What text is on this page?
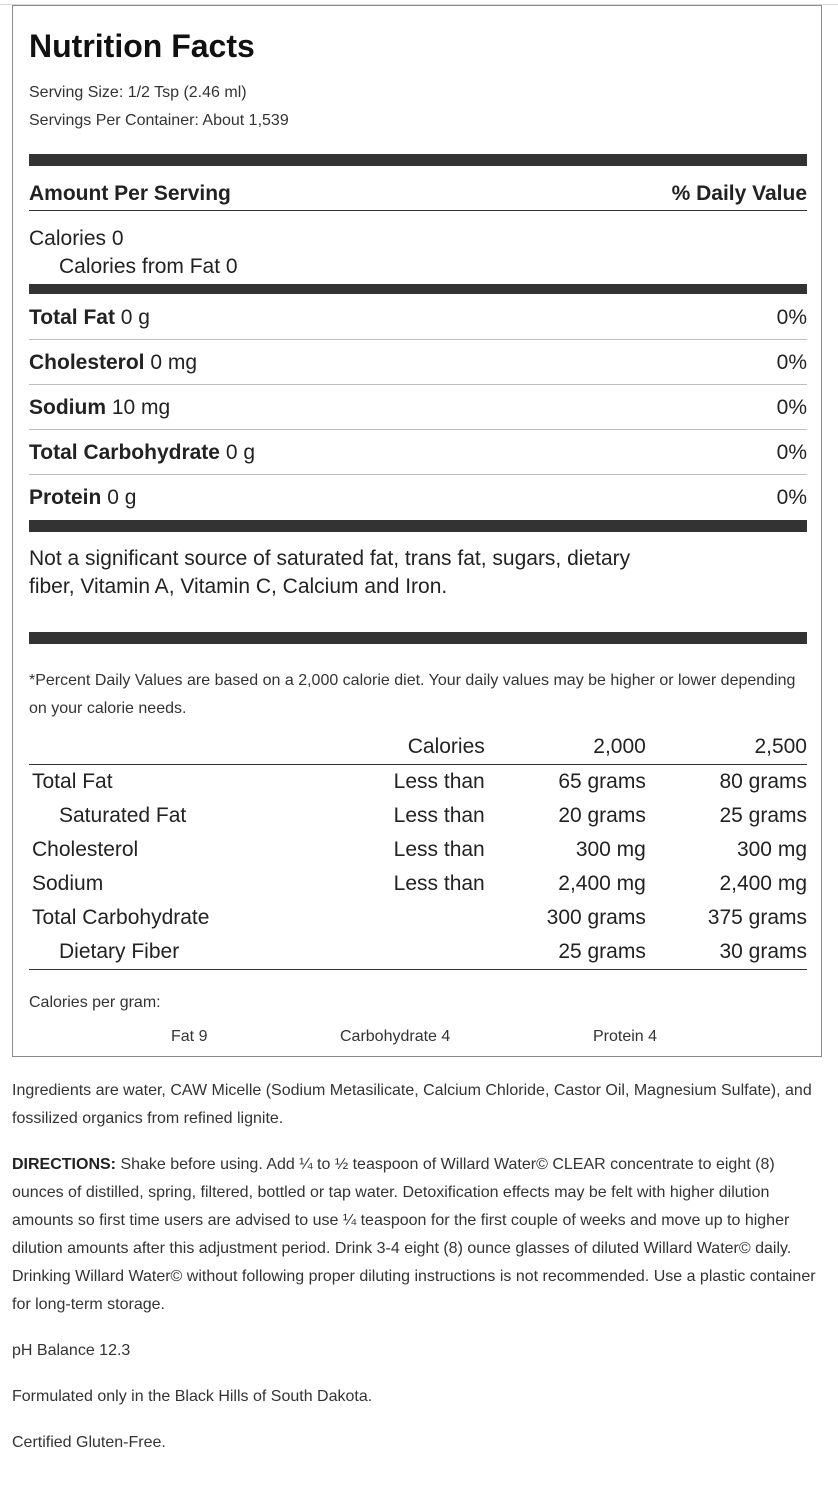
Nutrition Facts
Serving Size: 1/2 Tsp (2.46 ml)
Servings Per Container: About 1,539
Amount Per Serving	% Daily Value
Calories 0
Calories from Fat 0
Total Fat 0 g	0%
Cholesterol 0 mg	0%
Sodium 10 mg	0%
Total Carbohydrate 0 g	0%
Protein 0 g	0%
Not a significant source of saturated fat, trans fat, sugars, dietary fiber, Vitamin A, Vitamin C, Calcium and Iron.
*Percent Daily Values are based on a 2,000 calorie diet. Your daily values may be higher or lower depending on your calorie needs.
	Calories	2,000	2,500
Total Fat	Less than	65 grams	80 grams
Saturated Fat	Less than	20 grams	25 grams
Cholesterol	Less than	300 mg	300 mg
Sodium	Less than	2,400 mg	2,400 mg
Total Carbohydrate		300 grams	375 grams
Dietary Fiber		25 grams	30 grams
Calories per gram:
Fat 9	Carbohydrate 4	Protein 4
Ingredients are water, CAW Micelle (Sodium Metasilicate, Calcium Chloride, Castor Oil, Magnesium Sulfate), and fossilized organics from refined lignite.
DIRECTIONS: Shake before using. Add ¼ to ½ teaspoon of Willard Water© CLEAR concentrate to eight (8) ounces of distilled, spring, filtered, bottled or tap water. Detoxification effects may be felt with higher dilution amounts so first time users are advised to use ¼ teaspoon for the first couple of weeks and move up to higher dilution amounts after this adjustment period. Drink 3-4 eight (8) ounce glasses of diluted Willard Water© daily. Drinking Willard Water© without following proper diluting instructions is not recommended. Use a plastic container for long-term storage.
pH Balance 12.3
Formulated only in the Black Hills of South Dakota.
Certified Gluten-Free.
